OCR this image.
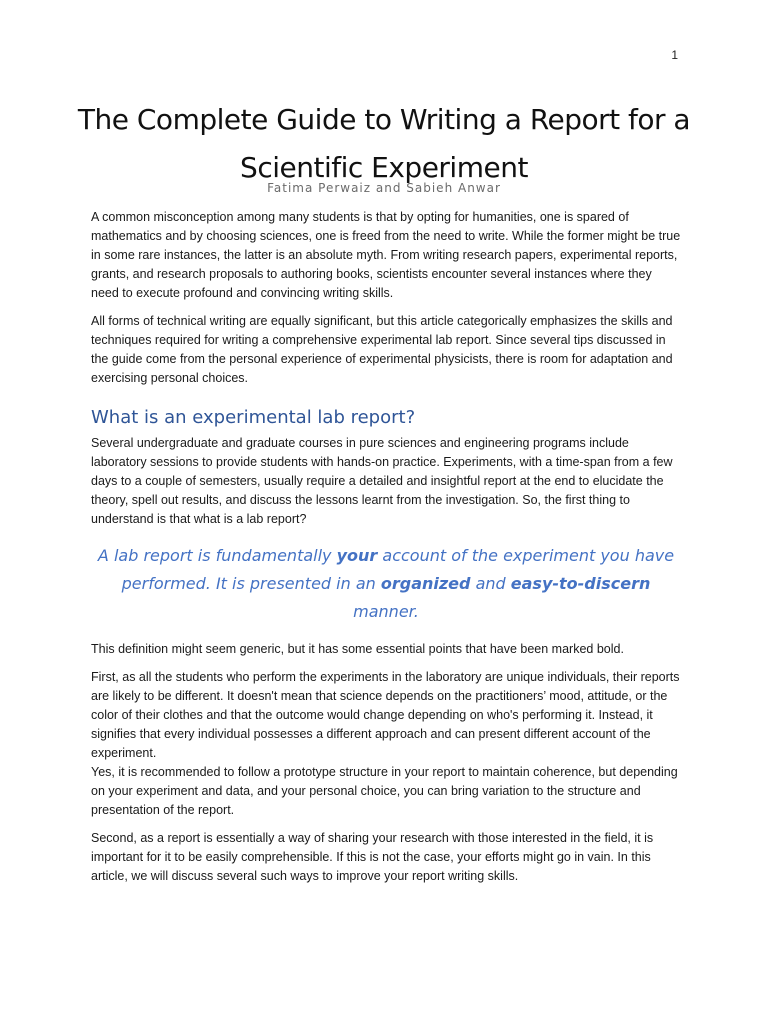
1
The Complete Guide to Writing a Report for a Scientific Experiment
Fatima Perwaiz and Sabieh Anwar

A common misconception among many students is that by opting for humanities, one is spared of mathematics and by choosing sciences, one is freed from the need to write. While the former might be true in some rare instances, the latter is an absolute myth. From writing research papers, experimental reports, grants, and research proposals to authoring books, scientists encounter several instances where they need to execute profound and convincing writing skills.

All forms of technical writing are equally significant, but this article categorically emphasizes the skills and techniques required for writing a comprehensive experimental lab report. Since several tips discussed in the guide come from the personal experience of experimental physicists, there is room for adaptation and exercising personal choices.

What is an experimental lab report?

Several undergraduate and graduate courses in pure sciences and engineering programs include laboratory sessions to provide students with hands-on practice. Experiments, with a time-span from a few days to a couple of semesters, usually require a detailed and insightful report at the end to elucidate the theory, spell out results, and discuss the lessons learnt from the investigation. So, the first thing to understand is that what is a lab report?

A lab report is fundamentally your account of the experiment you have performed. It is presented in an organized and easy-to-discern manner.

This definition might seem generic, but it has some essential points that have been marked bold.

First, as all the students who perform the experiments in the laboratory are unique individuals, their reports are likely to be different. It doesn't mean that science depends on the practitioners’ mood, attitude, or the color of their clothes and that the outcome would change depending on who's performing it. Instead, it signifies that every individual possesses a different approach and can present different account of the experiment.

Yes, it is recommended to follow a prototype structure in your report to maintain coherence, but depending on your experiment and data, and your personal choice, you can bring variation to the structure and presentation of the report.

Second, as a report is essentially a way of sharing your research with those interested in the field, it is important for it to be easily comprehensible. If this is not the case, your efforts might go in vain. In this article, we will discuss several such ways to improve your report writing skills.
